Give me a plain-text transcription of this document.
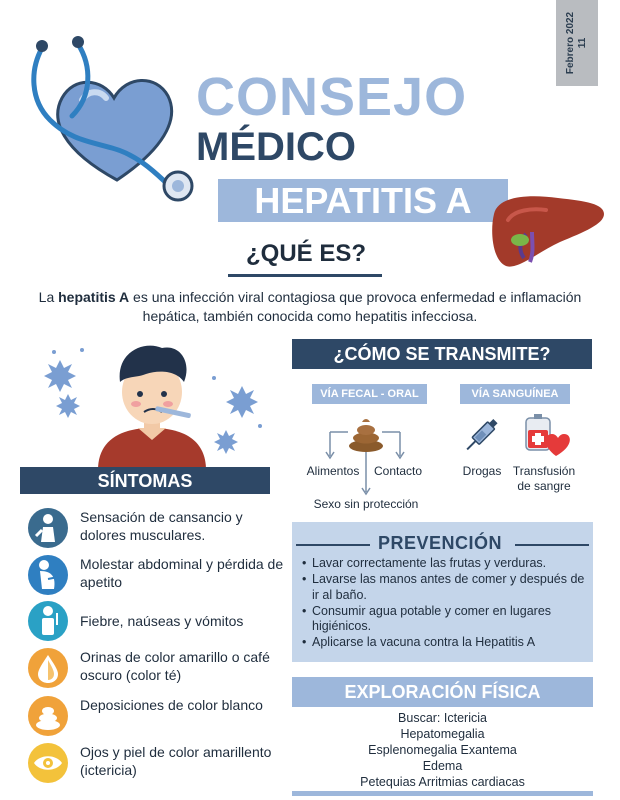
Febrero 2022 11
CONSEJO
MÉDICO
HEPATITIS A
¿QUÉ ES?

La hepatitis A es una infección viral contagiosa que provoca enfermedad e inflamación hepática, también conocida como hepatitis infecciosa.

SÍNTOMAS
Sensación de cansancio y dolores musculares.
Molestar abdominal y pérdida de apetito
Fiebre, naúseas y vómitos
Orinas de color amarillo o café oscuro (color té)
Deposiciones de color blanco
Ojos y piel de color amarillento (ictericia)
¿CÓMO SE TRANSMITE?
VÍA FECAL - ORAL	VÍA SANGUÍNEA
Alimentos	Contacto
Sexo sin protección
Drogas Transfusión de sangre
PREVENCIÓN
• Lavar correctamente las frutas y verduras.
• Lavarse las manos antes de comer y después de ir al baño.
• Consumir agua potable y comer en lugares higiénicos.
• Aplicarse la vacuna contra la Hepatitis A
EXPLORACIÓN FÍSICA
Buscar: Ictericia
Hepatomegalia
Esplenomegalia Exantema
Edema
Petequias Arritmias cardiacas
